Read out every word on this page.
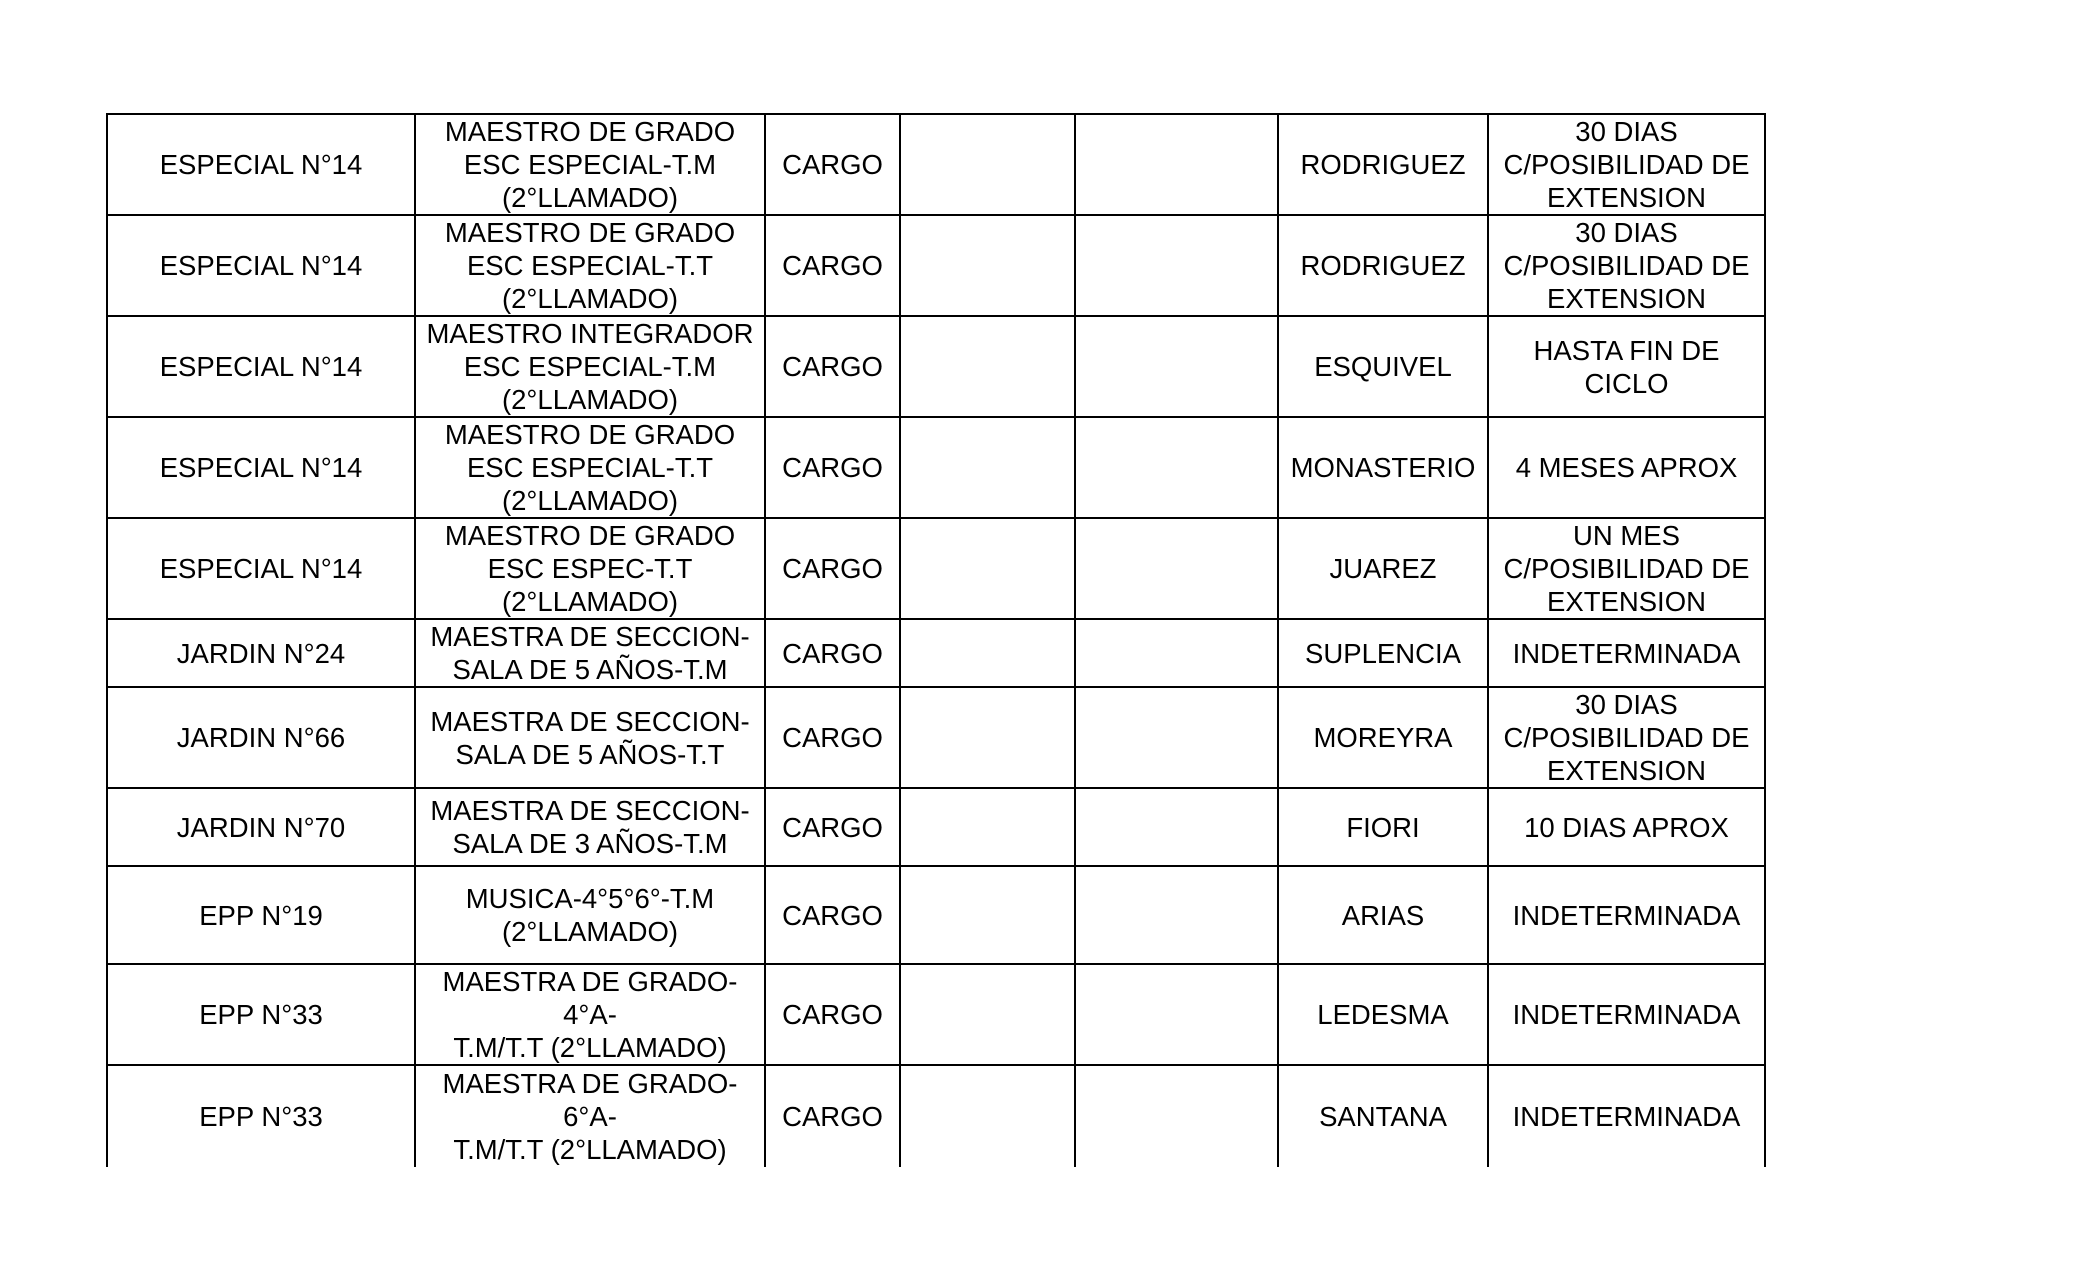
ESPECIAL N°14	MAESTRO DE GRADO
ESC ESPECIAL-T.M
(2°LLAMADO)	CARGO			RODRIGUEZ	30 DIAS
C/POSIBILIDAD DE
EXTENSION
ESPECIAL N°14	MAESTRO DE GRADO
ESC ESPECIAL-T.T
(2°LLAMADO)	CARGO			RODRIGUEZ	30 DIAS
C/POSIBILIDAD DE
EXTENSION
ESPECIAL N°14	MAESTRO INTEGRADOR
ESC ESPECIAL-T.M
(2°LLAMADO)	CARGO			ESQUIVEL	HASTA FIN DE
CICLO
ESPECIAL N°14	MAESTRO DE GRADO
ESC ESPECIAL-T.T
(2°LLAMADO)	CARGO			MONASTERIO	4 MESES APROX
ESPECIAL N°14	MAESTRO DE GRADO
ESC ESPEC-T.T
(2°LLAMADO)	CARGO			JUAREZ	UN MES
C/POSIBILIDAD DE
EXTENSION
JARDIN N°24	MAESTRA DE SECCION-
SALA DE 5 AÑOS-T.M	CARGO			SUPLENCIA	INDETERMINADA
JARDIN N°66	MAESTRA DE SECCION-
SALA DE 5 AÑOS-T.T	CARGO			MOREYRA	30 DIAS
C/POSIBILIDAD DE
EXTENSION
JARDIN N°70	MAESTRA DE SECCION-
SALA DE 3 AÑOS-T.M	CARGO			FIORI	10 DIAS APROX
EPP N°19	MUSICA-4°5°6°-T.M
(2°LLAMADO)	CARGO			ARIAS	INDETERMINADA
EPP N°33	MAESTRA DE GRADO-4°A-
T.M/T.T (2°LLAMADO)	CARGO			LEDESMA	INDETERMINADA
EPP N°33	MAESTRA DE GRADO-6°A-
T.M/T.T (2°LLAMADO)	CARGO			SANTANA	INDETERMINADA
